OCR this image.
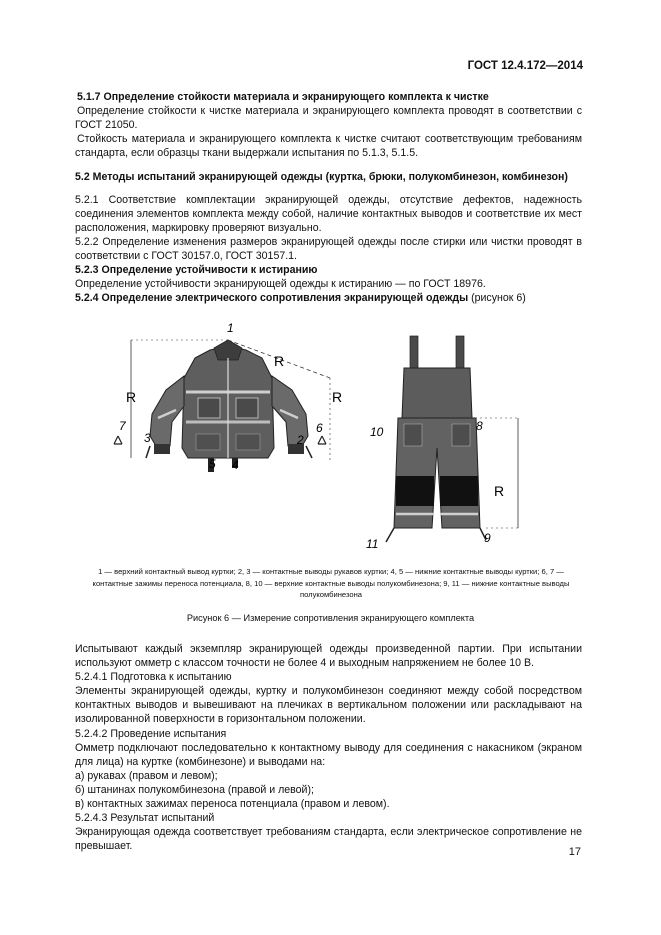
ГОСТ 12.4.172—2014

5.1.7 Определение стойкости материала и экранирующего комплекта к чистке

Определение стойкости к чистке материала и экранирующего комплекта проводят в соответствии с ГОСТ 21050.

Стойкость материала и экранирующего комплекта к чистке считают соответствующим требованиям стандарта, если образцы ткани выдержали испытания по 5.1.3, 5.1.5.

5.2 Методы испытаний экранирующей одежды (куртка, брюки, полукомбинезон, комбинезон)

5.2.1 Соответствие комплектации экранирующей одежды, отсутствие дефектов, надежность соединения элементов комплекта между собой, наличие контактных выводов и соответствие их мест расположения, маркировку проверяют визуально.

5.2.2 Определение изменения размеров экранирующей одежды после стирки или чистки проводят в соответствии с ГОСТ 30157.0, ГОСТ 30157.1.

5.2.3 Определение устойчивости к истиранию

Определение устойчивости экранирующей одежды к истиранию — по ГОСТ 18976.

5.2.4 Определение электрического сопротивления экранирующей одежды (рисунок 6)

1
R
R	R
7
3	2
6
5 4
10	8
R
9
11
1 — верхний контактный вывод куртки; 2, 3 — контактные выводы рукавов куртки; 4, 5 — нижние контактные выводы куртки; 6, 7 — контактные зажимы переноса потенциала, 8, 10 — верхние контактные выводы полукомбинезона; 9, 11 — нижние контактные выводы полукомбинезона
Рисунок 6 — Измерение сопротивления экранирующего комплекта

Испытывают каждый экземпляр экранирующей одежды произведенной партии. При испытании используют омметр с классом точности не более 4 и выходным напряжением не более 10 В.

5.2.4.1 Подготовка к испытанию

Элементы экранирующей одежды, куртку и полукомбинезон соединяют между собой посредством контактных выводов и вывешивают на плечиках в вертикальном положении или раскладывают на изолированной поверхности в горизонтальном положении.

5.2.4.2 Проведение испытания

Омметр подключают последовательно к контактному выводу для соединения с накасником (экраном для лица) на куртке (комбинезоне) и выводами на:

а) рукавах (правом и левом);

б) штанинах полукомбинезона (правой и левой);

в) контактных зажимах переноса потенциала (правом и левом).

5.2.4.3 Результат испытаний

Экранирующая одежда соответствует требованиям стандарта, если электрическое сопротивление не превышает.	17
